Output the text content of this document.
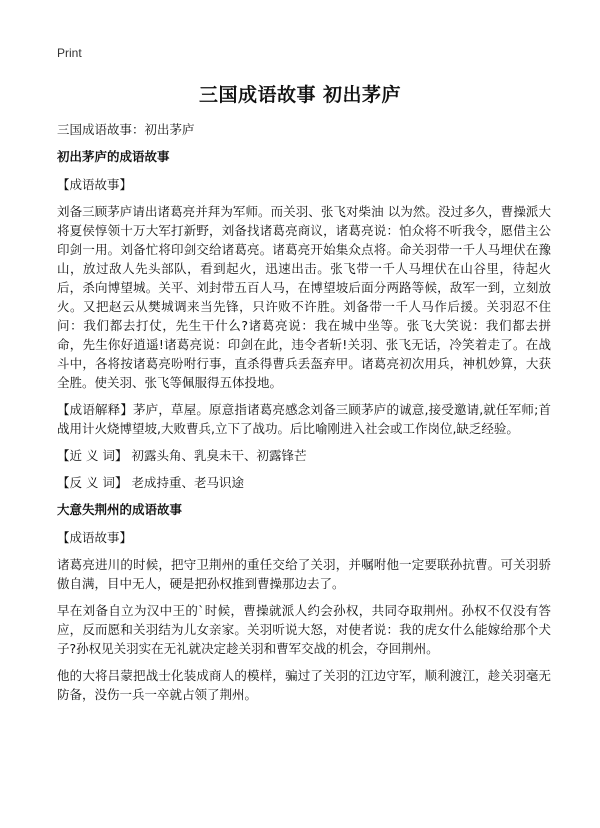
Print
三国成语故事 初出茅庐
三国成语故事：初出茅庐
初出茅庐的成语故事
【成语故事】

刘备三顾茅庐请出诸葛亮并拜为军师。而关羽、张飞对柴油 以为然。没过多久，曹操派大将夏侯惇领十万大军打新野，刘备找诸葛亮商议，诸葛亮说：怕众将不听我令，愿借主公印剑一用。刘备忙将印剑交给诸葛亮。诸葛亮开始集众点将。命关羽带一千人马埋伏在豫山，放过敌人先头部队，看到起火，迅速出击。张飞带一千人马埋伏在山谷里，待起火后，杀向博望城。关平、刘封带五百人马，在博望坡后面分两路等候，敌军一到，立刻放火。又把赵云从樊城调来当先锋，只许败不许胜。刘备带一千人马作后援。关羽忍不住问：我们都去打仗，先生干什么?诸葛亮说：我在城中坐等。张飞大笑说：我们都去拼命，先生你好逍遥!诸葛亮说：印剑在此，违令者斩!关羽、张飞无话，冷笑着走了。在战斗中，各将按诸葛亮吩咐行事，直杀得曹兵丢盔弃甲。诸葛亮初次用兵，神机妙算，大获全胜。使关羽、张飞等佩服得五体投地。

【成语解释】茅庐，草屋。原意指诸葛亮感念刘备三顾茅庐的诚意,接受邀请,就任军师;首战用计火烧博望坡,大败曹兵,立下了战功。后比喻刚进入社会或工作岗位,缺乏经验。

【近 义 词】 初露头角、乳臭未干、初露锋芒

【反 义 词】 老成持重、老马识途

大意失荆州的成语故事
【成语故事】

诸葛亮进川的时候，把守卫荆州的重任交给了关羽，并嘱咐他一定要联孙抗曹。可关羽骄傲自满，目中无人，硬是把孙权推到曹操那边去了。

早在刘备自立为汉中王的`时候，曹操就派人约会孙权，共同夺取荆州。孙权不仅没有答应，反而愿和关羽结为儿女亲家。关羽听说大怒，对使者说：我的虎女什么能嫁给那个犬子?孙权见关羽实在无礼就决定趁关羽和曹军交战的机会，夺回荆州。

他的大将吕蒙把战士化装成商人的模样，骗过了关羽的江边守军，顺利渡江，趁关羽毫无防备，没伤一兵一卒就占领了荆州。
